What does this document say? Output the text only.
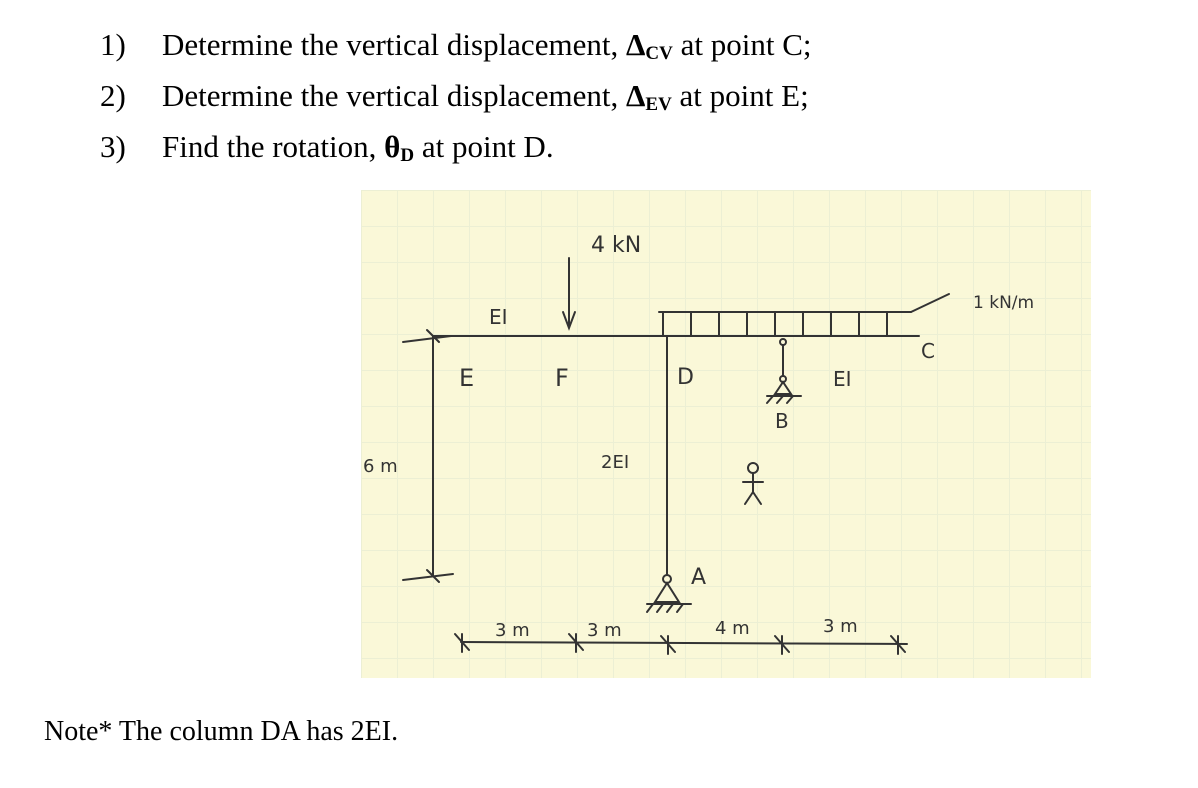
1)	Determine the vertical displacement, $\Delta_{CV}$ at point C;
2)	Determine the vertical displacement, $\Delta_{EV}$ at point E;
3)	Find the rotation, $\theta_D$ at point D.
4 kN
1 kN/m
EI
2EI
EI
E	F	D
B
C
A
6 m
3 m	3 m	4 m	3 m

Note* The column DA has 2EI.
